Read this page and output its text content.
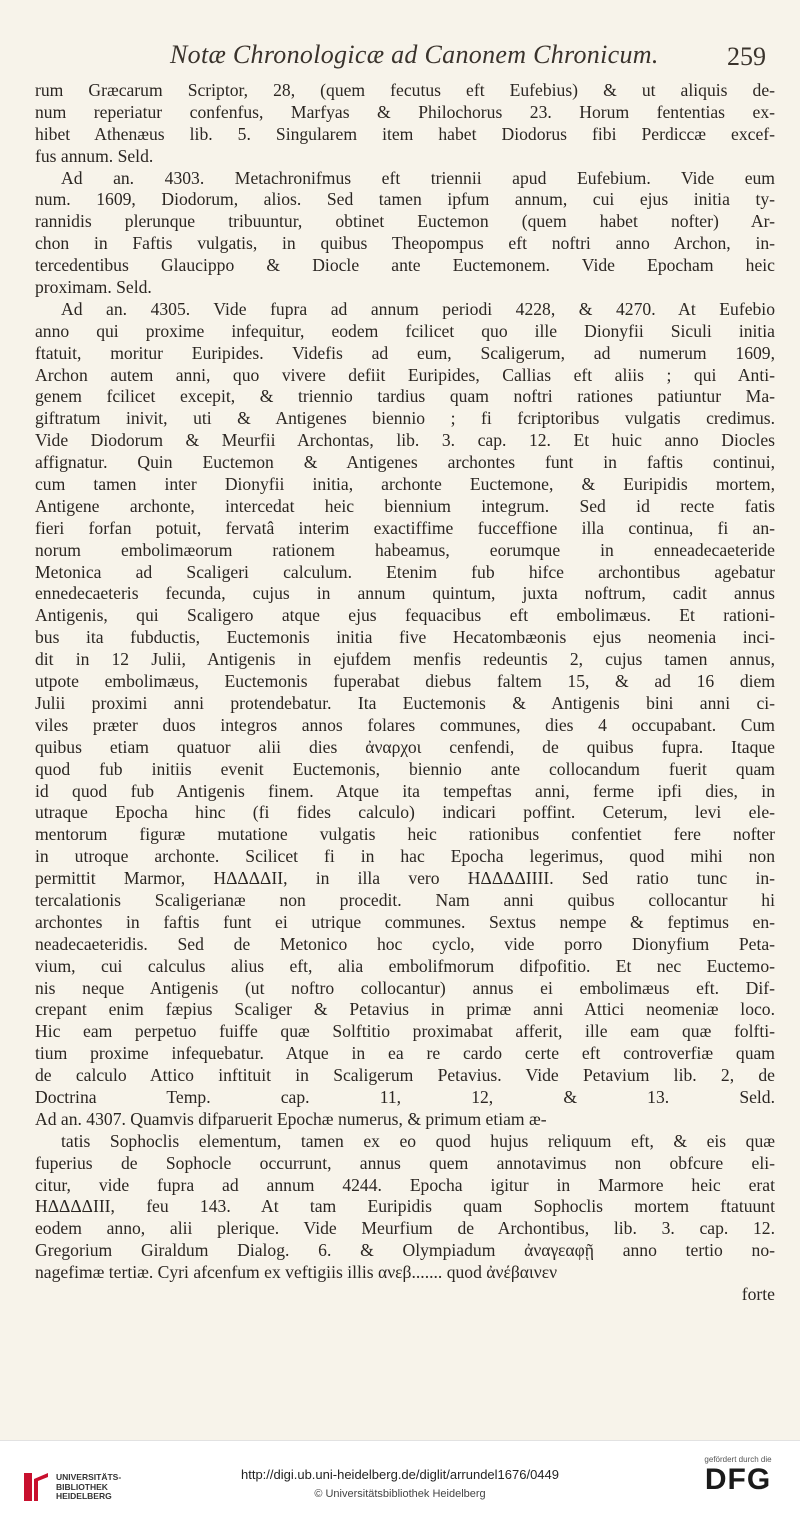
Notæ Chronologicæ ad Canonem Chronicum.	259
rum Græcarum Scriptor, 28, (quem fecutus eft Eufebius) & ut aliquis de-
num reperiatur confenfus, Marfyas & Philochorus 23. Horum fententias ex-
hibet Athenæus lib. 5. Singularem item habet Diodorus fibi Perdiccæ excef-
fus annum. Seld.
Ad an. 4303. Metachronifmus eft triennii apud Eufebium. Vide eum
num. 1609, Diodorum, alios. Sed tamen ipfum annum, cui ejus initia ty-
rannidis plerunque tribuuntur, obtinet Euctemon (quem habet nofter) Ar-
chon in Faftis vulgatis, in quibus Theopompus eft noftri anno Archon, in-
tercedentibus Glaucippo & Diocle ante Euctemonem. Vide Epocham heic
proximam. Seld.
Ad an. 4305. Vide fupra ad annum periodi 4228, & 4270. At Eufebio
anno qui proxime infequitur, eodem fcilicet quo ille Dionyfii Siculi initia
ftatuit, moritur Euripides. Videfis ad eum, Scaligerum, ad numerum 1609,
Archon autem anni, quo vivere defiit Euripides, Callias eft aliis ; qui Anti-
genem fcilicet excepit, & triennio tardius quam noftri rationes patiuntur Ma-
giftratum inivit, uti & Antigenes biennio ; fi fcriptoribus vulgatis credimus.
Vide Diodorum & Meurfii Archontas, lib. 3. cap. 12. Et huic anno Diocles
affignatur. Quin Euctemon & Antigenes archontes funt in faftis continui,
cum tamen inter Dionyfii initia, archonte Euctemone, & Euripidis mortem,
Antigene archonte, intercedat heic biennium integrum. Sed id recte fatis
fieri forfan potuit, fervatâ interim exactiffime fucceffione illa continua, fi an-
norum embolimæorum rationem habeamus, eorumque in enneadecaeteride
Metonica ad Scaligeri calculum. Etenim fub hifce archontibus agebatur
ennedecaeteris fecunda, cujus in annum quintum, juxta noftrum, cadit annus
Antigenis, qui Scaligero atque ejus fequacibus eft embolimæus. Et rationi-
bus ita fubductis, Euctemonis initia five Hecatombæonis ejus neomenia inci-
dit in 12 Julii, Antigenis in ejufdem menfis redeuntis 2, cujus tamen annus,
utpote embolimæus, Euctemonis fuperabat diebus faltem 15, & ad 16 diem
Julii proximi anni protendebatur. Ita Euctemonis & Antigenis bini anni ci-
viles præter duos integros annos folares communes, dies 4 occupabant. Cum
quibus etiam quatuor alii dies ἀναρχοι cenfendi, de quibus fupra. Itaque
quod fub initiis evenit Euctemonis, biennio ante collocandum fuerit quam
id quod fub Antigenis finem. Atque ita tempeftas anni, ferme ipfi dies, in
utraque Epocha hinc (fi fides calculo) indicari poffint. Ceterum, levi ele-
mentorum figuræ mutatione vulgatis heic rationibus confentiet fere nofter
in utroque archonte. Scilicet fi in hac Epocha legerimus, quod mihi non
permittit Marmor, HΔΔΔΔΙΙ, in illa vero HΔΔΔΔΙΙΙΙ. Sed ratio tunc in-
tercalationis Scaligerianæ non procedit. Nam anni quibus collocantur hi
archontes in faftis funt ei utrique communes. Sextus nempe & feptimus en-
neadecaeteridis. Sed de Metonico hoc cyclo, vide porro Dionyfium Peta-
vium, cui calculus alius eft, alia embolifmorum difpofitio. Et nec Euctemo-
nis neque Antigenis (ut noftro collocantur) annus ei embolimæus eft. Dif-
crepant enim fæpius Scaliger & Petavius in primæ anni Attici neomeniæ loco.
Hic eam perpetuo fuiffe quæ Solftitio proximabat afferit, ille eam quæ folfti-
tium proxime infequebatur. Atque in ea re cardo certe eft controverfiæ quam
de calculo Attico inftituit in Scaligerum Petavius. Vide Petavium lib. 2, de
Doctrina Temp. cap. 11, 12, & 13. Seld.
Ad an. 4307. Quamvis difparuerit Epochæ numerus, & primum etiam æ-
tatis Sophoclis elementum, tamen ex eo quod hujus reliquum eft, & eis quæ
fuperius de Sophocle occurrunt, annus quem annotavimus non obfcure eli-
citur, vide fupra ad annum 4244. Epocha igitur in Marmore heic erat
HΔΔΔΔΙΙΙ, feu 143. At tam Euripidis quam Sophoclis mortem ftatuunt
eodem anno, alii plerique. Vide Meurfium de Archontibus, lib. 3. cap. 12.
Gregorium Giraldum Dialog. 6. & Olympiadum ἀναγεαφῇ anno tertio no-
nagefimæ tertiæ. Cyri afcenfum ex veftigiis illis ανεβ....... quod ἀνέβαινεν
forte
UNIVERSITÄTS-
BIBLIOTHEK
HEIDELBERG
http://digi.ub.uni-heidelberg.de/diglit/arrundel1676/0449
© Universitätsbibliothek Heidelberg
gefördert durch die
DFG
